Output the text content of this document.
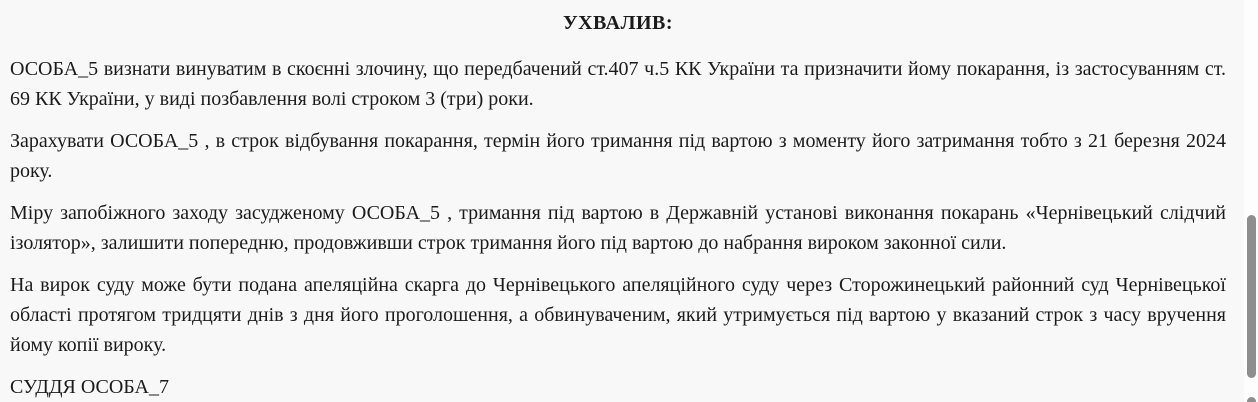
УХВАЛИВ:

ОСОБА_5 визнати винуватим в скоєнні злочину, що передбачений ст.407 ч.5 КК України та призначити йому покарання, із застосуванням ст. 69 КК України, у виді позбавлення волі строком 3 (три) роки.

Зарахувати ОСОБА_5 , в строк відбування покарання, термін його тримання під вартою з моменту його затримання тобто з 21 березня 2024 року.

Міру запобіжного заходу засудженому ОСОБА_5 , тримання під вартою в Державній установі виконання покарань «Чернівецький слідчий ізолятор», залишити попередню, продовживши строк тримання його під вартою до набрання вироком законної сили.

На вирок суду може бути подана апеляційна скарга до Чернівецького апеляційного суду через Сторожинецький районний суд Чернівецької області протягом тридцяти днів з дня його проголошення, а обвинуваченим, який утримується під вартою у вказаний строк з часу вручення йому копії вироку.

СУДДЯ ОСОБА_7
